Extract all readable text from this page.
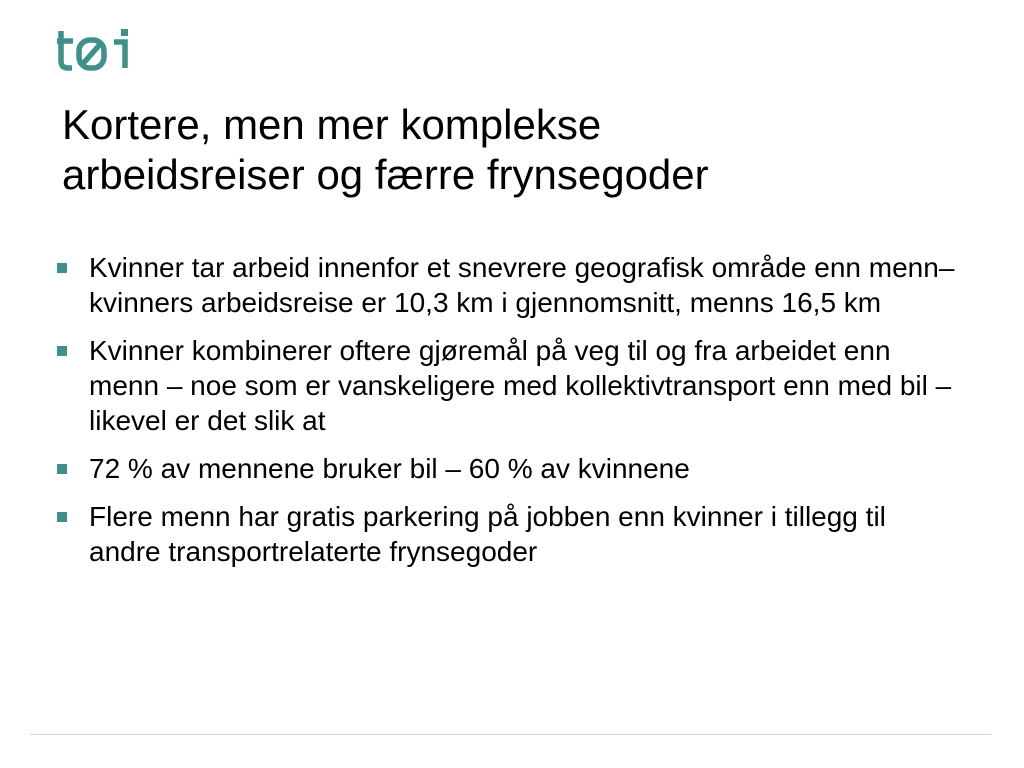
Kortere, men mer komplekse
arbeidsreiser og færre frynsegoder
Kvinner tar arbeid innenfor et snevrere geografisk område enn menn– kvinners arbeidsreise er 10,3 km i gjennomsnitt, menns 16,5 km
Kvinner kombinerer oftere gjøremål på veg til og fra arbeidet enn menn – noe som er vanskeligere med kollektivtransport enn med bil – likevel er det slik at
72 % av mennene bruker bil – 60 % av kvinnene
Flere menn har gratis parkering på jobben enn kvinner i tillegg til andre transportrelaterte frynsegoder
